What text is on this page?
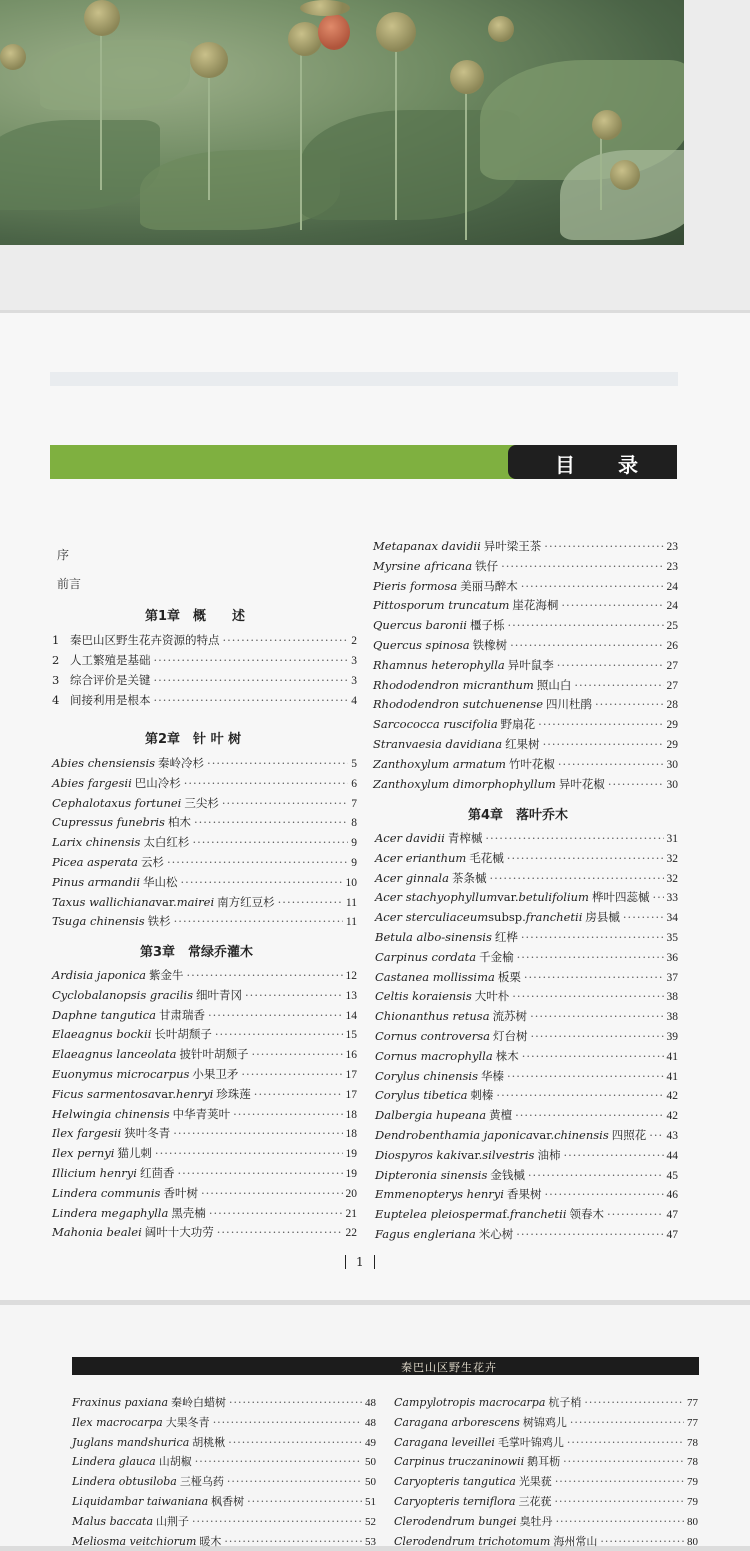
目 录
序
前言
第1章　概　　述
1 秦巴山区野生花卉资源的特点 ·····	2
2 人工繁殖是基础 ·····	3
3 综合评价是关键 ·····	3
4 间接利用是根本 ·····	4
第2章　针 叶 树
Abies chensiensis 秦岭冷杉 ·····	5
Abies fargesii 巴山冷杉 ·····	6
Cephalotaxus fortunei 三尖杉 ·····	7
Cupressus funebris 柏木 ·····	8
Larix chinensis 太白红杉 ·····	9
Picea asperata 云杉 ·····	9
Pinus armandii 华山松 ·····	10
Taxus wallichiana var. mairei 南方红豆杉 ·····	11
Tsuga chinensis 铁杉 ·····	11
第3章　常绿乔灌木
Ardisia japonica 紫金牛 ·····	12
Cyclobalanopsis gracilis 细叶青冈 ·····	13
Daphne tangutica 甘肃瑞香 ·····	14
Elaeagnus bockii 长叶胡颓子 ·····	15
Elaeagnus lanceolata 披针叶胡颓子 ·····	16
Euonymus microcarpus 小果卫矛 ·····	17
Ficus sarmentosa var. henryi 珍珠莲 ·····	17
Helwingia chinensis 中华青荚叶 ·····	18
Ilex fargesii 狭叶冬青 ·····	18
Ilex pernyi 猫儿刺 ·····	19
Illicium henryi 红茴香 ·····	19
Lindera communis 香叶树 ·····	20
Lindera megaphylla 黑壳楠 ·····	21
Mahonia bealei 阔叶十大功劳 ·····	22
Metapanax davidii 异叶梁王茶 ·····	23
Myrsine africana 铁仔 ·····	23
Pieris formosa 美丽马醉木 ·····	24
Pittosporum truncatum 崖花海桐 ·····	24
Quercus baronii 橿子栎 ·····	25
Quercus spinosa 铁橡树 ·····	26
Rhamnus heterophylla 异叶鼠李 ·····	27
Rhododendron micranthum 照山白 ·····	27
Rhododendron sutchuenense 四川杜鹃 ·····	28
Sarcococca ruscifolia 野扇花 ·····	29
Stranvaesia davidiana 红果树 ·····	29
Zanthoxylum armatum 竹叶花椒 ·····	30
Zanthoxylum dimorphophyllum 异叶花椒 ·····	30
第4章　落叶乔木
Acer davidii 青榨槭 ·····	31
Acer erianthum 毛花槭 ·····	32
Acer ginnala 茶条槭 ·····	32
Acer stachyophyllum var. betulifolium 桦叶四蕊槭 ····· 33
Acer sterculiaceum subsp. franchetii 房县槭 ·····	34
Betula albo-sinensis 红桦 ·····	35
Carpinus cordata 千金榆 ·····	36
Castanea mollissima 板栗 ·····	37
Celtis koraiensis 大叶朴 ·····	38
Chionanthus retusa 流苏树 ·····	38
Cornus controversa 灯台树 ·····	39
Cornus macrophylla 梾木 ·····	41
Corylus chinensis 华榛 ·····	41
Corylus tibetica 刺榛 ·····	42
Dalbergia hupeana 黄檀 ·····	42
Dendrobenthamia japonica var. chinensis 四照花 ····· 43
Diospyros kaki var. silvestris 油柿 ·····	44
Dipteronia sinensis 金钱槭 ·····	45
Emmenopterys henryi 香果树 ·····	46
Euptelea pleiosperma f. franchetii 领春木 ·····	47
Fagus engleriana 米心树 ·····	47
1
秦巴山区野生花卉
Fraxinus paxiana 秦岭白蜡树 ·····	48
Ilex macrocarpa 大果冬青 ·····	48
Juglans mandshurica 胡桃楸 ·····	49
Lindera glauca 山胡椒 ·····	50
Lindera obtusiloba 三桠乌药 ·····	50
Liquidambar taiwaniana 枫香树 ·····	51
Malus baccata 山荆子 ·····	52
Meliosma veitchiorum 暖木 ·····	53
Campylotropis macrocarpa 杭子梢 ·····	77
Caragana arborescens 树锦鸡儿 ·····	77
Caragana leveillei 毛掌叶锦鸡儿 ·····	78
Carpinus truczaninowii 鹅耳枥 ·····	78
Caryopteris tangutica 光果莸 ·····	79
Caryopteris terniflora 三花莸 ·····	79
Clerodendrum bungei 臭牡丹 ·····	80
Clerodendrum trichotomum 海州常山 ·····	80
